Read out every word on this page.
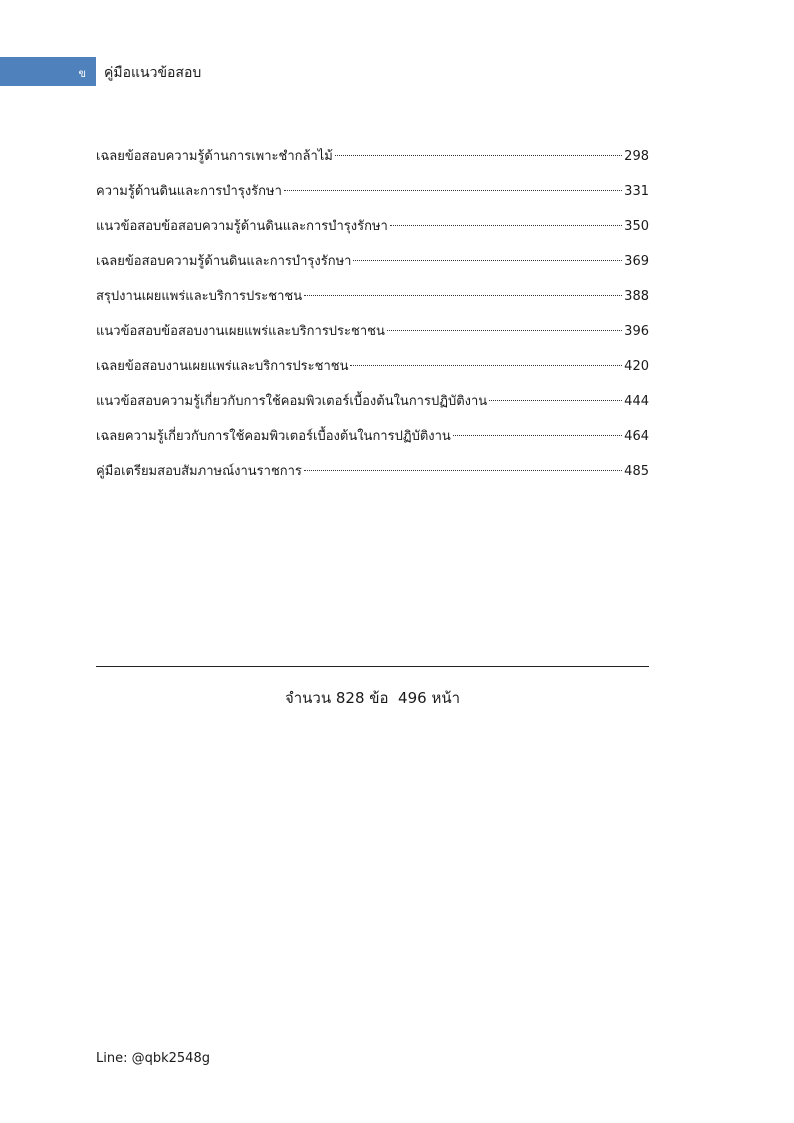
ข คู่มือแนวข้อสอบ
เฉลยข้อสอบความรู้ด้านการเพาะชำกล้าไม้	298
ความรู้ด้านดินและการบำรุงรักษา	331
แนวข้อสอบข้อสอบความรู้ด้านดินและการบำรุงรักษา	350
เฉลยข้อสอบความรู้ด้านดินและการบำรุงรักษา	369
สรุปงานเผยแพร่และบริการประชาชน	388
แนวข้อสอบข้อสอบงานเผยแพร่และบริการประชาชน	396
เฉลยข้อสอบงานเผยแพร่และบริการประชาชน	420
แนวข้อสอบความรู้เกี่ยวกับการใช้คอมพิวเตอร์เบื้องต้นในการปฏิบัติงาน	444
เฉลยความรู้เกี่ยวกับการใช้คอมพิวเตอร์เบื้องต้นในการปฏิบัติงาน	464
คู่มือเตรียมสอบสัมภาษณ์งานราชการ	485
จำนวน 828 ข้อ  496 หน้า
Line: @qbk2548g
